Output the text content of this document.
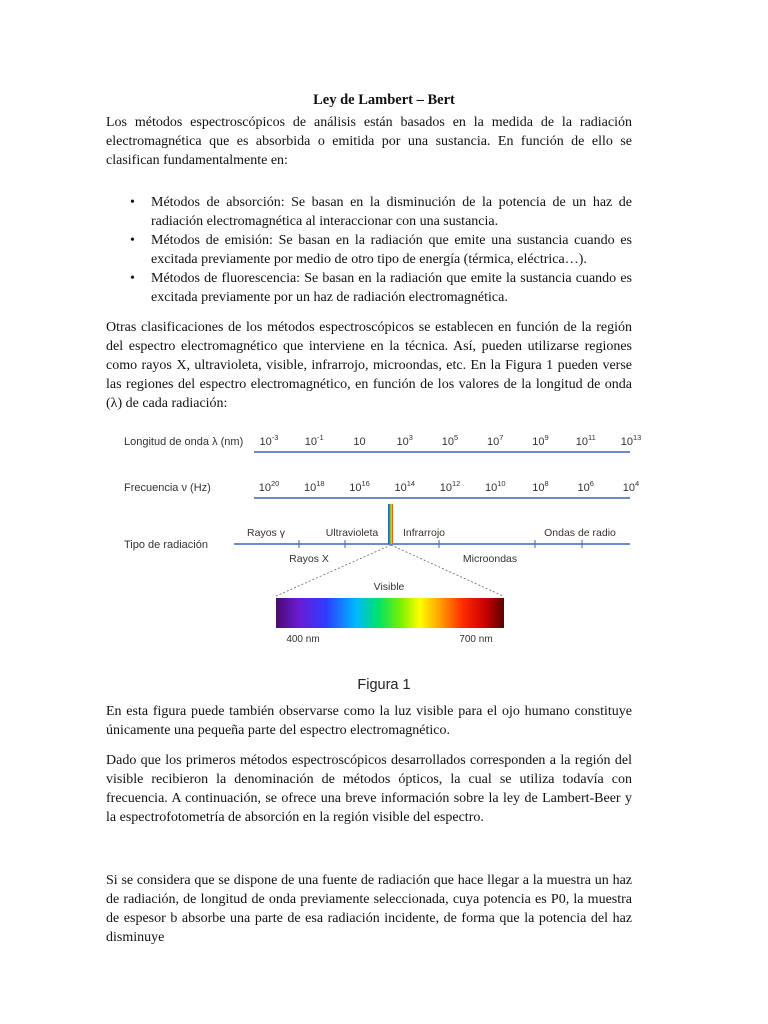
Ley de Lambert – Bert

Los métodos espectroscópicos de análisis están basados en la medida de la radiación electromagnética que es absorbida o emitida por una sustancia. En función de ello se clasifican fundamentalmente en:

• Métodos de absorción: Se basan en la disminución de la potencia de un haz de radiación electromagnética al interaccionar con una sustancia.
• Métodos de emisión: Se basan en la radiación que emite una sustancia cuando es excitada previamente por medio de otro tipo de energía (térmica, eléctrica…).
• Métodos de fluorescencia: Se basan en la radiación que emite la sustancia cuando es excitada previamente por un haz de radiación electromagnética.

Otras clasificaciones de los métodos espectroscópicos se establecen en función de la región del espectro electromagnético que interviene en la técnica. Así, pueden utilizarse regiones como rayos X, ultravioleta, visible, infrarrojo, microondas, etc. En la Figura 1 pueden verse las regiones del espectro electromagnético, en función de los valores de la longitud de onda (λ) de cada radiación:

Longitud de onda λ (nm)
Frecuencia ν (Hz)
Tipo de radiación
$10^{-3}$ $10^{-1}$	10	$10^3$	$10^5$	$10^7$	$10^9$ $10^{11}$ $10^{13}$
$10^{20}$ $10^{18}$ $10^{16}$ $10^{14}$ $10^{12}$ $10^{10}$ $10^8$	$10^6$	$10^4$
Rayos γ	Ultravioleta Infrarrojo	Ondas de radio
Rayos X	Microondas
Visible
400 nm	700 nm
Figura 1

En esta figura puede también observarse como la luz visible para el ojo humano constituye únicamente una pequeña parte del espectro electromagnético.

Dado que los primeros métodos espectroscópicos desarrollados corresponden a la región del visible recibieron la denominación de métodos ópticos, la cual se utiliza todavía con frecuencia. A continuación, se ofrece una breve información sobre la ley de Lambert-Beer y la espectrofotometría de absorción en la región visible del espectro.

Si se considera que se dispone de una fuente de radiación que hace llegar a la muestra un haz de radiación, de longitud de onda previamente seleccionada, cuya potencia es P0, la muestra de espesor b absorbe una parte de esa radiación incidente, de forma que la potencia del haz disminuye
